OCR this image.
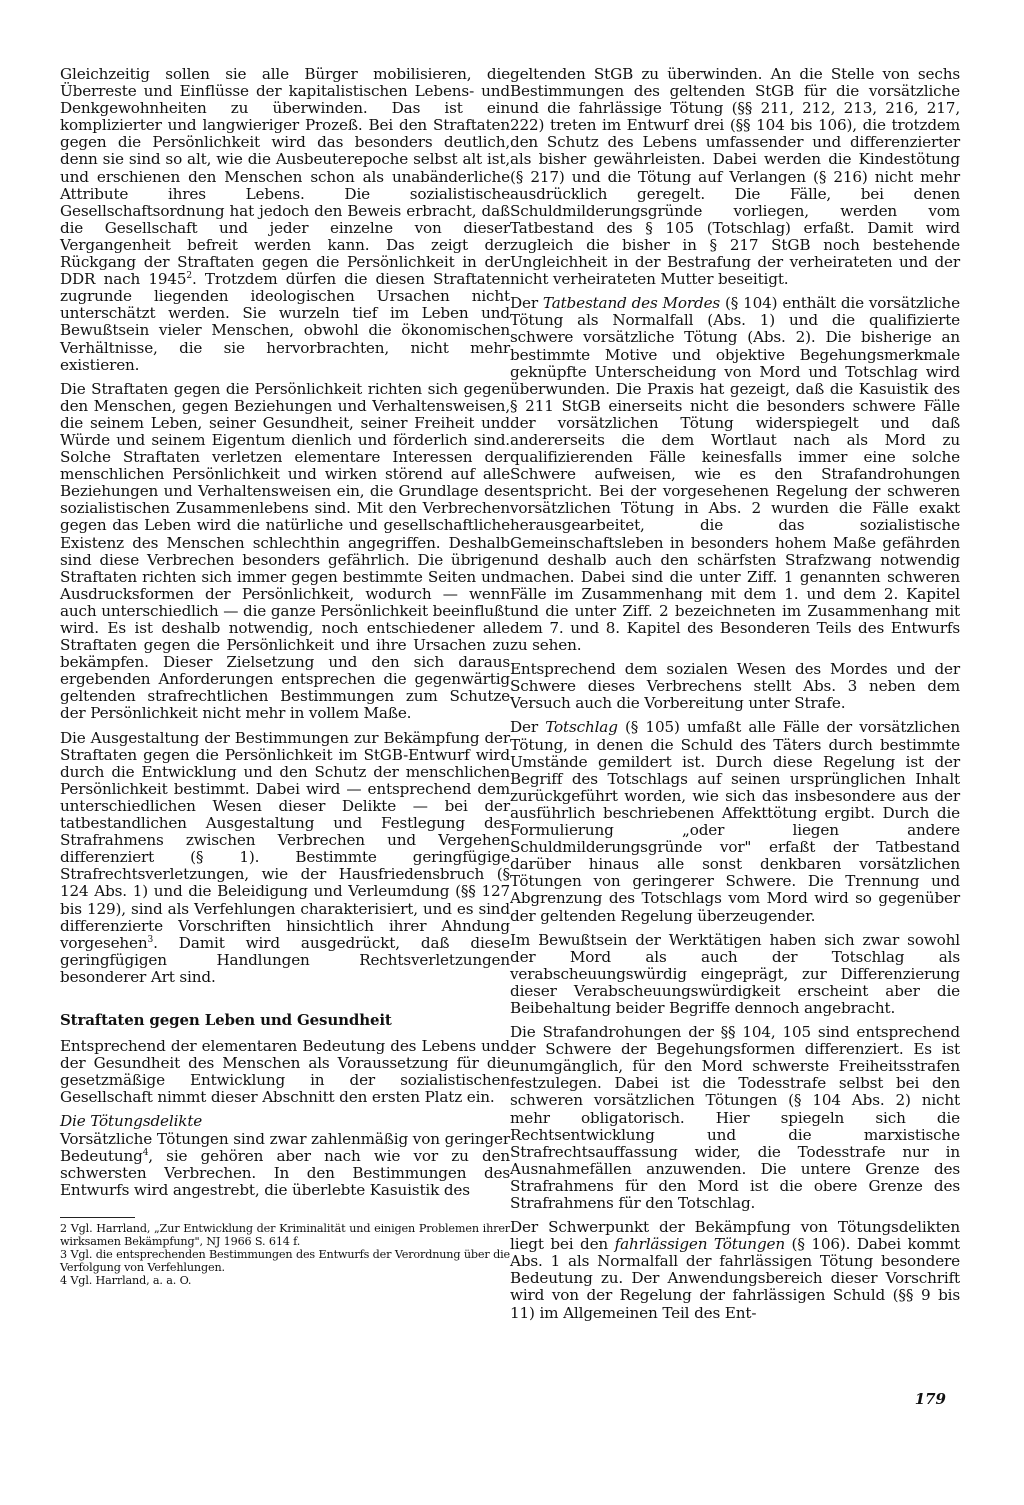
Gleichzeitig sollen sie alle Bürger mobilisieren, die Überreste und Einflüsse der kapitalistischen Lebens- und Denkgewohnheiten zu überwinden. Das ist ein komplizierter und langwieriger Prozeß. Bei den Straftaten gegen die Persönlichkeit wird das besonders deutlich, denn sie sind so alt, wie die Ausbeuterepoche selbst alt ist, und erschienen den Menschen schon als unabänderliche Attribute ihres Lebens. Die sozialistische Gesellschaftsordnung hat jedoch den Beweis erbracht, daß die Gesellschaft und jeder einzelne von dieser Vergangenheit befreit werden kann. Das zeigt der Rückgang der Straftaten gegen die Persönlichkeit in der DDR nach 1945$^2$. Trotzdem dürfen die diesen Straftaten zugrunde liegenden ideologischen Ursachen nicht unterschätzt werden. Sie wurzeln tief im Leben und Bewußtsein vieler Menschen, obwohl die ökonomischen Verhältnisse, die sie hervorbrachten, nicht mehr existieren.

Die Straftaten gegen die Persönlichkeit richten sich gegen den Menschen, gegen Beziehungen und Verhaltensweisen, die seinem Leben, seiner Gesundheit, seiner Freiheit und Würde und seinem Eigentum dienlich und förderlich sind. Solche Straftaten verletzen elementare Interessen der menschlichen Persönlichkeit und wirken störend auf alle Beziehungen und Verhaltensweisen ein, die Grundlage des sozialistischen Zusammenlebens sind. Mit den Verbrechen gegen das Leben wird die natürliche und gesellschaftliche Existenz des Menschen schlechthin angegriffen. Deshalb sind diese Verbrechen besonders gefährlich. Die übrigen Straftaten richten sich immer gegen bestimmte Seiten und Ausdrucksformen der Persönlichkeit, wodurch — wenn auch unterschiedlich — die ganze Persönlichkeit beeinflußt wird. Es ist deshalb notwendig, noch entschiedener alle Straftaten gegen die Persönlichkeit und ihre Ursachen zu bekämpfen. Dieser Zielsetzung und den sich daraus ergebenden Anforderungen entsprechen die gegenwärtig geltenden strafrechtlichen Bestimmungen zum Schutze der Persönlichkeit nicht mehr in vollem Maße.

Die Ausgestaltung der Bestimmungen zur Bekämpfung der Straftaten gegen die Persönlichkeit im StGB-Entwurf wird durch die Entwicklung und den Schutz der menschlichen Persönlichkeit bestimmt. Dabei wird — entsprechend dem unterschiedlichen Wesen dieser Delikte — bei der tatbestandlichen Ausgestaltung und Festlegung des Strafrahmens zwischen Verbrechen und Vergehen differenziert (§ 1). Bestimmte geringfügige Strafrechtsverletzungen, wie der Hausfriedensbruch (§ 124 Abs. 1) und die Beleidigung und Verleumdung (§§ 127 bis 129), sind als Verfehlungen charakterisiert, und es sind differenzierte Vorschriften hinsichtlich ihrer Ahndung vorgesehen$^3$. Damit wird ausgedrückt, daß diese geringfügigen Handlungen Rechtsverletzungen besonderer Art sind.

Straftaten gegen Leben und Gesundheit

Entsprechend der elementaren Bedeutung des Lebens und der Gesundheit des Menschen als Voraussetzung für die gesetzmäßige Entwicklung in der sozialistischen Gesellschaft nimmt dieser Abschnitt den ersten Platz ein.

Die Tötungsdelikte

Vorsätzliche Tötungen sind zwar zahlenmäßig von geringer Bedeutung$^4$, sie gehören aber nach wie vor zu den schwersten Verbrechen. In den Bestimmungen des Entwurfs wird angestrebt, die überlebte Kasuistik des

2 Vgl. Harrland, „Zur Entwicklung der Kriminalität und einigen Problemen ihrer wirksamen Bekämpfung", NJ 1966 S. 614 f.

3 Vgl. die entsprechenden Bestimmungen des Entwurfs der Verordnung über die Verfolgung von Verfehlungen.

4 Vgl. Harrland, a. a. O.

geltenden StGB zu überwinden. An die Stelle von sechs Bestimmungen des geltenden StGB für die vorsätzliche und die fahrlässige Tötung (§§ 211, 212, 213, 216, 217, 222) treten im Entwurf drei (§§ 104 bis 106), die trotzdem den Schutz des Lebens umfassender und differenzierter als bisher gewährleisten. Dabei werden die Kindestötung (§ 217) und die Tötung auf Verlangen (§ 216) nicht mehr ausdrücklich geregelt. Die Fälle, bei denen Schuldmilderungsgründe vorliegen, werden vom Tatbestand des § 105 (Totschlag) erfaßt. Damit wird zugleich die bisher in § 217 StGB noch bestehende Ungleichheit in der Bestrafung der verheirateten und der nicht verheirateten Mutter beseitigt.

Der Tatbestand des Mordes (§ 104) enthält die vorsätzliche Tötung als Normalfall (Abs. 1) und die qualifizierte schwere vorsätzliche Tötung (Abs. 2). Die bisherige an bestimmte Motive und objektive Begehungsmerkmale geknüpfte Unterscheidung von Mord und Totschlag wird überwunden. Die Praxis hat gezeigt, daß die Kasuistik des § 211 StGB einerseits nicht die besonders schwere Fälle der vorsätzlichen Tötung widerspiegelt und daß andererseits die dem Wortlaut nach als Mord zu qualifizierenden Fälle keinesfalls immer eine solche Schwere aufweisen, wie es den Strafandrohungen entspricht. Bei der vorgesehenen Regelung der schweren vorsätzlichen Tötung in Abs. 2 wurden die Fälle exakt herausgearbeitet, die das sozialistische Gemeinschaftsleben in besonders hohem Maße gefährden und deshalb auch den schärfsten Strafzwang notwendig machen. Dabei sind die unter Ziff. 1 genannten schweren Fälle im Zusammenhang mit dem 1. und dem 2. Kapitel und die unter Ziff. 2 bezeichneten im Zusammenhang mit dem 7. und 8. Kapitel des Besonderen Teils des Entwurfs zu sehen.

Entsprechend dem sozialen Wesen des Mordes und der Schwere dieses Verbrechens stellt Abs. 3 neben dem Versuch auch die Vorbereitung unter Strafe.

Der Totschlag (§ 105) umfaßt alle Fälle der vorsätzlichen Tötung, in denen die Schuld des Täters durch bestimmte Umstände gemildert ist. Durch diese Regelung ist der Begriff des Totschlags auf seinen ursprünglichen Inhalt zurückgeführt worden, wie sich das insbesondere aus der ausführlich beschriebenen Affekttötung ergibt. Durch die Formulierung „oder liegen andere Schuldmilderungsgründe vor" erfaßt der Tatbestand darüber hinaus alle sonst denkbaren vorsätzlichen Tötungen von geringerer Schwere. Die Trennung und Abgrenzung des Totschlags vom Mord wird so gegenüber der geltenden Regelung überzeugender.

Im Bewußtsein der Werktätigen haben sich zwar sowohl der Mord als auch der Totschlag als verabscheuungswürdig eingeprägt, zur Differenzierung dieser Verabscheuungswürdigkeit erscheint aber die Beibehaltung beider Begriffe dennoch angebracht.

Die Strafandrohungen der §§ 104, 105 sind entsprechend der Schwere der Begehungsformen differenziert. Es ist unumgänglich, für den Mord schwerste Freiheitsstrafen festzulegen. Dabei ist die Todesstrafe selbst bei den schweren vorsätzlichen Tötungen (§ 104 Abs. 2) nicht mehr obligatorisch. Hier spiegeln sich die Rechtsentwicklung und die marxistische Strafrechtsauffassung wider, die Todesstrafe nur in Ausnahmefällen anzuwenden. Die untere Grenze des Strafrahmens für den Mord ist die obere Grenze des Strafrahmens für den Totschlag.

Der Schwerpunkt der Bekämpfung von Tötungsdelikten liegt bei den fahrlässigen Tötungen (§ 106). Dabei kommt Abs. 1 als Normalfall der fahrlässigen Tötung besondere Bedeutung zu. Der Anwendungsbereich dieser Vorschrift wird von der Regelung der fahrlässigen Schuld (§§ 9 bis 11) im Allgemeinen Teil des Ent-

179
